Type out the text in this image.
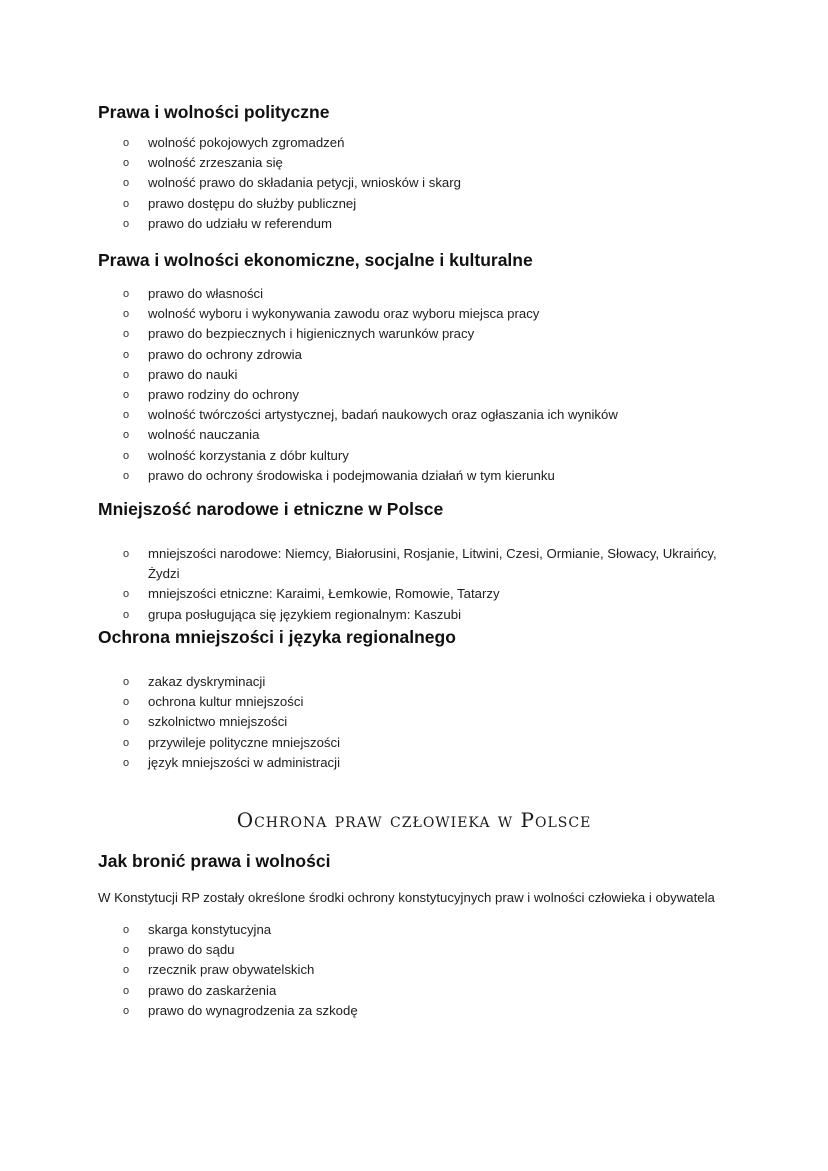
Prawa i wolności polityczne
o wolność pokojowych zgromadzeń
o wolność zrzeszania się
o wolność prawo do składania petycji, wniosków i skarg
o prawo dostępu do służby publicznej
o prawo do udziału w referendum
Prawa i wolności ekonomiczne, socjalne i kulturalne
o prawo do własności
o wolność wyboru i wykonywania zawodu oraz wyboru miejsca pracy
o prawo do bezpiecznych i higienicznych warunków pracy
o prawo do ochrony zdrowia
o prawo do nauki
o prawo rodziny do ochrony
o wolność twórczości artystycznej, badań naukowych oraz ogłaszania ich wyników
o wolność nauczania
o wolność korzystania z dóbr kultury
o prawo do ochrony środowiska i podejmowania działań w tym kierunku
Mniejszość narodowe i etniczne w Polsce
o mniejszości narodowe: Niemcy, Białorusini, Rosjanie, Litwini, Czesi, Ormianie, Słowacy, Ukraińcy, Żydzi
o mniejszości etniczne: Karaimi, Łemkowie, Romowie, Tatarzy
o grupa posługująca się językiem regionalnym: Kaszubi
Ochrona mniejszości i języka regionalnego
o zakaz dyskryminacji
o ochrona kultur mniejszości
o szkolnictwo mniejszości
o przywileje polityczne mniejszości
o język mniejszości w administracji
Ochrona praw człowieka w Polsce
Jak bronić prawa i wolności

W Konstytucji RP zostały określone środki ochrony konstytucyjnych praw i wolności człowieka i obywatela

o skarga konstytucyjna
o prawo do sądu
o rzecznik praw obywatelskich
o prawo do zaskarżenia
o prawo do wynagrodzenia za szkodę
